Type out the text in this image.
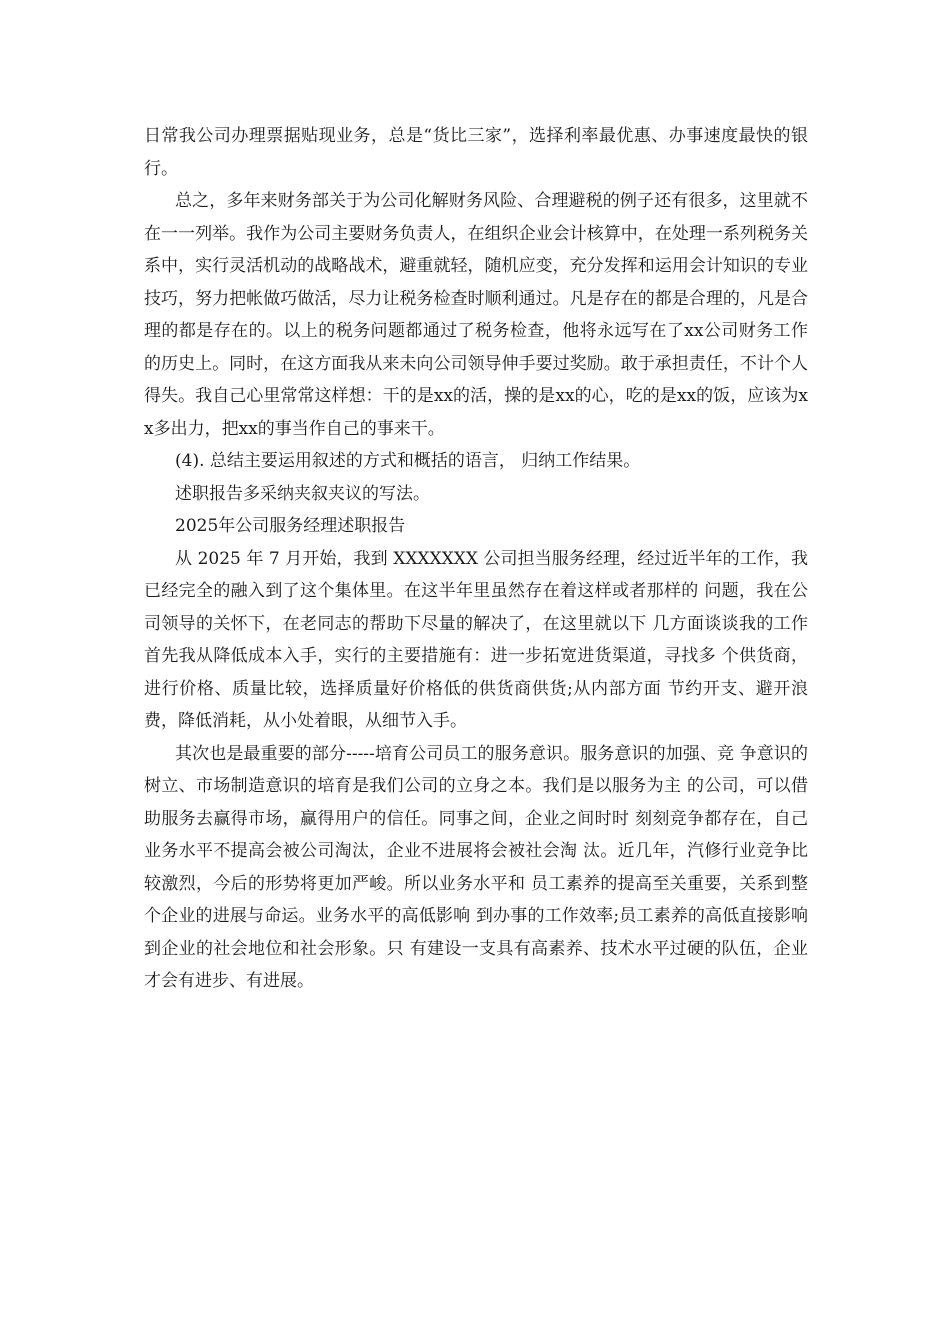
日常我公司办理票据贴现业务，总是“货比三家”，选择利率最优惠、办事速度最快的银行。

总之，多年来财务部关于为公司化解财务风险、合理避税的例子还有很多，这里就不在一一列举。我作为公司主要财务负责人，在组织企业会计核算中，在处理一系列税务关系中，实行灵活机动的战略战术，避重就轻，随机应变，充分发挥和运用会计知识的专业技巧，努力把帐做巧做活，尽力让税务检查时顺利通过。凡是存在的都是合理的，凡是合理的都是存在的。以上的税务问题都通过了税务检查，他将永远写在了xx公司财务工作的历史上。同时，在这方面我从来未向公司领导伸手要过奖励。敢于承担责任，不计个人得失。我自己心里常常这样想：干的是xx的活，操的是xx的心，吃的是xx的饭，应该为xx多出力，把xx的事当作自己的事来干。

(4). 总结主要运用叙述的方式和概括的语言， 归纳工作结果。

述职报告多采纳夹叙夹议的写法。

2025年公司服务经理述职报告

从 2025 年 7 月开始，我到 XXXXXXX 公司担当服务经理，经过近半年的工作，我已经完全的融入到了这个集体里。在这半年里虽然存在着这样或者那样的 问题，我在公司领导的关怀下，在老同志的帮助下尽量的解决了，在这里就以下 几方面谈谈我的工作 首先我从降低成本入手，实行的主要措施有：进一步拓宽进货渠道，寻找多 个供货商，进行价格、质量比较，选择质量好价格低的供货商供货;从内部方面 节约开支、避开浪费，降低消耗，从小处着眼，从细节入手。

其次也是最重要的部分-----培育公司员工的服务意识。服务意识的加强、竞 争意识的树立、市场制造意识的培育是我们公司的立身之本。我们是以服务为主 的公司，可以借助服务去赢得市场，赢得用户的信任。同事之间，企业之间时时 刻刻竞争都存在，自己业务水平不提高会被公司淘汰，企业不进展将会被社会淘 汰。近几年，汽修行业竞争比较激烈，今后的形势将更加严峻。所以业务水平和 员工素养的提高至关重要，关系到整个企业的进展与命运。业务水平的高低影响 到办事的工作效率;员工素养的高低直接影响到企业的社会地位和社会形象。只 有建设一支具有高素养、技术水平过硬的队伍，企业才会有进步、有进展。
